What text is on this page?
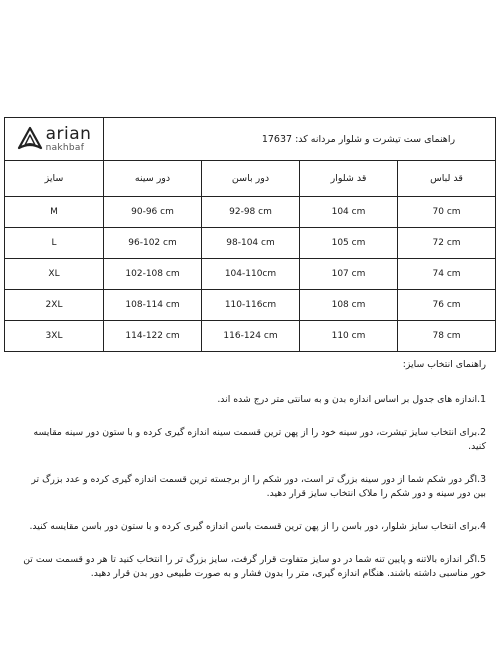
arian
nakhbaf	راهنمای ست تیشرت و شلوار مردانه کد: 17637			
سایز	دور سینه	دور باسن	قد شلوار	قد لباس
M	90-96 cm	92-98 cm	104 cm	70 cm
L	96-102 cm	98-104 cm	105 cm	72 cm
XL	102-108 cm	104-110cm	107 cm	74 cm
2XL	108-114 cm	110-116cm	108 cm	76 cm
3XL	114-122 cm	116-124 cm	110 cm	78 cm

راهنمای انتخاب سایز:

1.اندازه های جدول بر اساس اندازه بدن و به سانتی متر درج شده اند.

2.برای انتخاب سایز تیشرت، دور سینه خود را از پهن ترین قسمت سینه اندازه گیری کرده و با ستون دور سینه مقایسه کنید.

3.اگر دور شکم شما از دور سینه بزرگ تر است، دور شکم را از برجسته ترین قسمت اندازه گیری کرده و عدد بزرگ تر بین دور سینه و دور شکم را ملاک انتخاب سایز قرار دهید.

4.برای انتخاب سایز شلوار، دور باسن را از پهن ترین قسمت باسن اندازه گیری کرده و با ستون دور باسن مقایسه کنید.

5.اگر اندازه بالاتنه و پایین تنه شما در دو سایز متفاوت قرار گرفت، سایز بزرگ تر را انتخاب کنید تا هر دو قسمت ست تن خور مناسبی داشته باشند. هنگام اندازه گیری، متر را بدون فشار و به صورت طبیعی دور بدن قرار دهید.
